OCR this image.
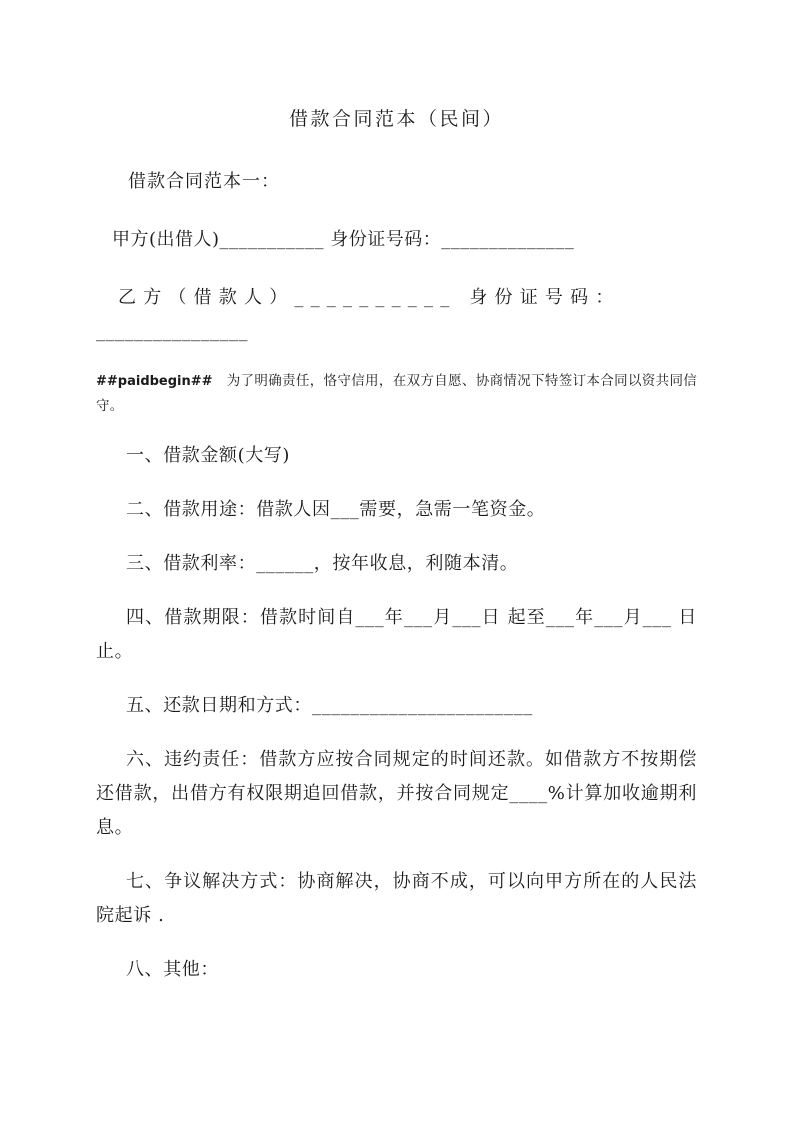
借款合同范本（民间）
借款合同范本一：
甲方(出借人)___________ 身份证号码：______________
乙方（借款人）__________ 身份证号码：
________________
##paidbegin## 为了明确责任，恪守信用，在双方自愿、协商情况下特签订本合同以资共同信守。
一、借款金额(大写)
二、借款用途：借款人因___需要，急需一笔资金。
三、借款利率：______，按年收息，利随本清。
四、借款期限：借款时间自___年___月___日 起至___年___月___ 日止。
五、还款日期和方式：_______________________
六、违约责任：借款方应按合同规定的时间还款。如借款方不按期偿还借款，出借方有权限期追回借款，并按合同规定____%计算加收逾期利息。
七、争议解决方式：协商解决，协商不成，可以向甲方所在的人民法院起诉 .
八、其他：
